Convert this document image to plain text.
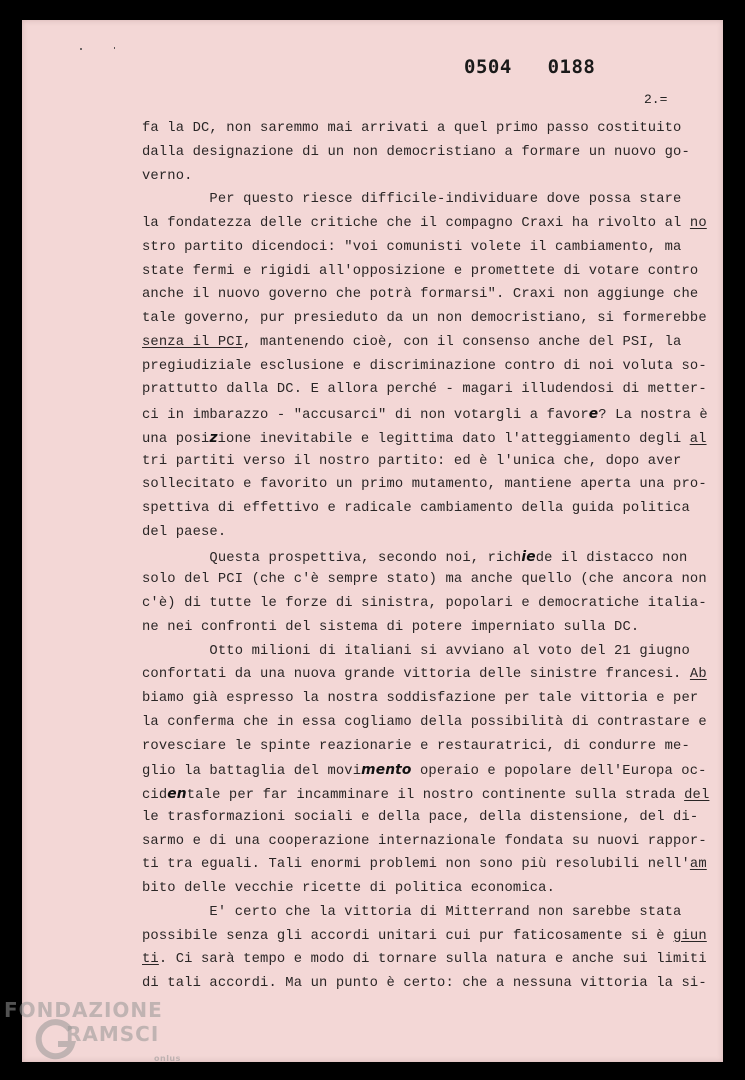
0504   0188
2.=
fa la DC, non saremmo mai arrivati a quel primo passo costituito
dalla designazione di un non democristiano a formare un nuovo go-
verno.
Per questo riesce difficile-individuare dove possa stare
la fondatezza delle critiche che il compagno Craxi ha rivolto al no
stro partito dicendoci: "voi comunisti volete il cambiamento, ma
state fermi e rigidi all'opposizione e promettete di votare contro
anche il nuovo governo che potrà formarsi". Craxi non aggiunge che
tale governo, pur presieduto da un non democristiano, si formerebbe
senza il PCI, mantenendo cioè, con il consenso anche del PSI, la
pregiudiziale esclusione e discriminazione contro di noi voluta so-
prattutto dalla DC. E allora perché - magari illudendosi di metter-
ci in imbarazzo - "accusarci" di non votargli a favore? La nostra è
una posizione inevitabile e legittima dato l'atteggiamento degli al
tri partiti verso il nostro partito: ed è l'unica che, dopo aver
sollecitato e favorito un primo mutamento, mantiene aperta una pro-
spettiva di effettivo e radicale cambiamento della guida politica
del paese.
Questa prospettiva, secondo noi, richiede il distacco non
solo del PCI (che c'è sempre stato) ma anche quello (che ancora non
c'è) di tutte le forze di sinistra, popolari e democratiche italia-
ne nei confronti del sistema di potere imperniato sulla DC.
Otto milioni di italiani si avviano al voto del 21 giugno
confortati da una nuova grande vittoria delle sinistre francesi. Ab
biamo già espresso la nostra soddisfazione per tale vittoria e per
la conferma che in essa cogliamo della possibilità di contrastare e
rovesciare le spinte reazionarie e restauratrici, di condurre me-
glio la battaglia del movimento operaio e popolare dell'Europa oc-
cidentale per far incamminare il nostro continente sulla strada del
le trasformazioni sociali e della pace, della distensione, del di-
sarmo e di una cooperazione internazionale fondata su nuovi rappor-
ti tra eguali. Tali enormi problemi non sono più resolubili nell'am
bito delle vecchie ricette di politica economica.
E' certo che la vittoria di Mitterrand non sarebbe stata
possibile senza gli accordi unitari cui pur faticosamente si è giun
ti. Ci sarà tempo e modo di tornare sulla natura e anche sui limiti
di tali accordi. Ma un punto è certo: che a nessuna vittoria la si-
FONDAZIONE
RAMSCI
onlus
